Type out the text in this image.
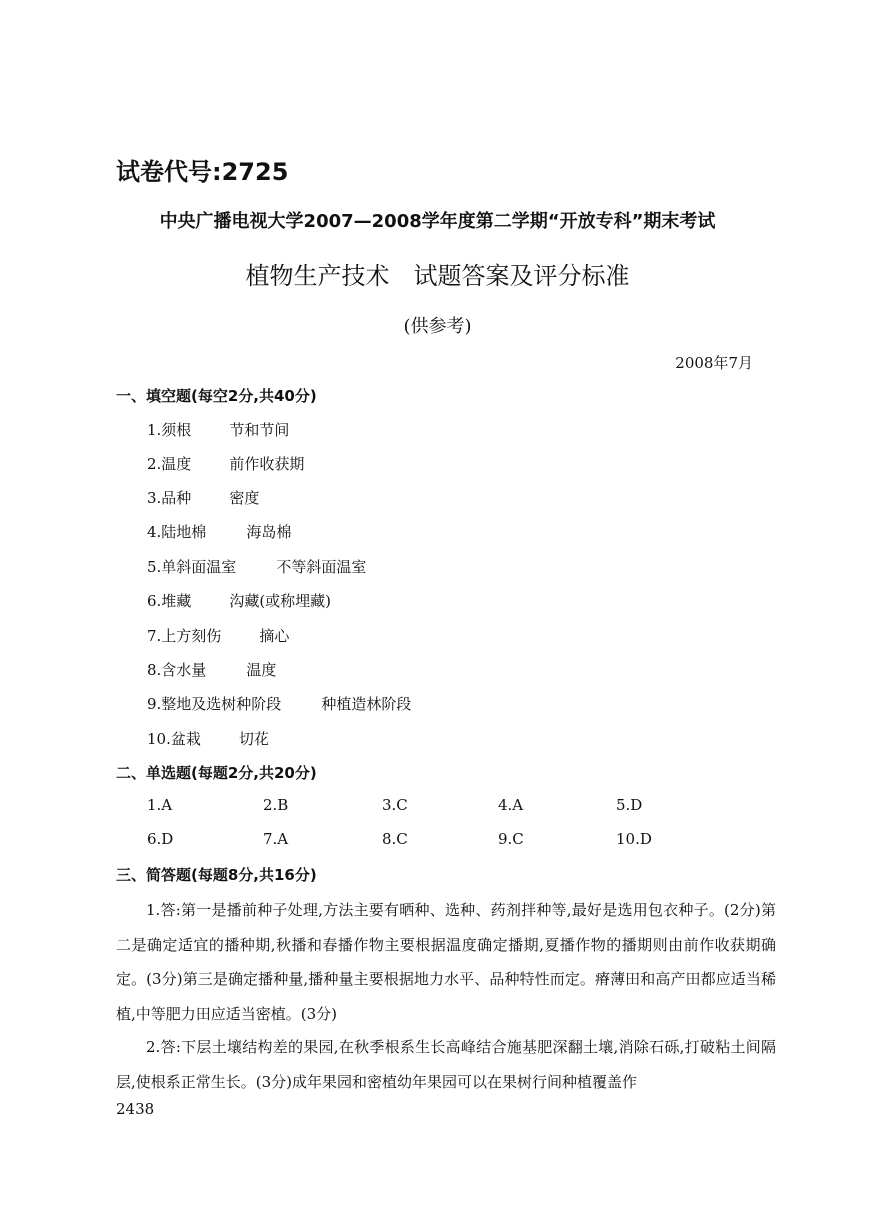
试卷代号:2725
中央广播电视大学2007—2008学年度第二学期“开放专科”期末考试
植物生产技术 试题答案及评分标准
(供参考)
2008年7月
一、填空题(每空2分,共40分)
1.须根	节和节间
2.温度	前作收获期
3.品种	密度
4.陆地棉	海岛棉
5.单斜面温室	不等斜面温室
6.堆藏	沟藏(或称埋藏)
7.上方刻伤	摘心
8.含水量	温度
9.整地及选树种阶段	种植造林阶段
10.盆栽	切花
二、单选题(每题2分,共20分)
1.A	2.B	3.C	4.A	5.D
6.D	7.A	8.C	9.C	10.D
三、简答题(每题8分,共16分)
1.答:第一是播前种子处理,方法主要有晒种、选种、药剂拌种等,最好是选用包衣种子。(2分)第二是确定适宜的播种期,秋播和春播作物主要根据温度确定播期,夏播作物的播期则由前作收获期确定。(3分)第三是确定播种量,播种量主要根据地力水平、品种特性而定。瘠薄田和高产田都应适当稀植,中等肥力田应适当密植。(3分)
2.答:下层土壤结构差的果园,在秋季根系生长高峰结合施基肥深翻土壤,消除石砾,打破粘土间隔层,使根系正常生长。(3分)成年果园和密植幼年果园可以在果树行间种植覆盖作
2438
